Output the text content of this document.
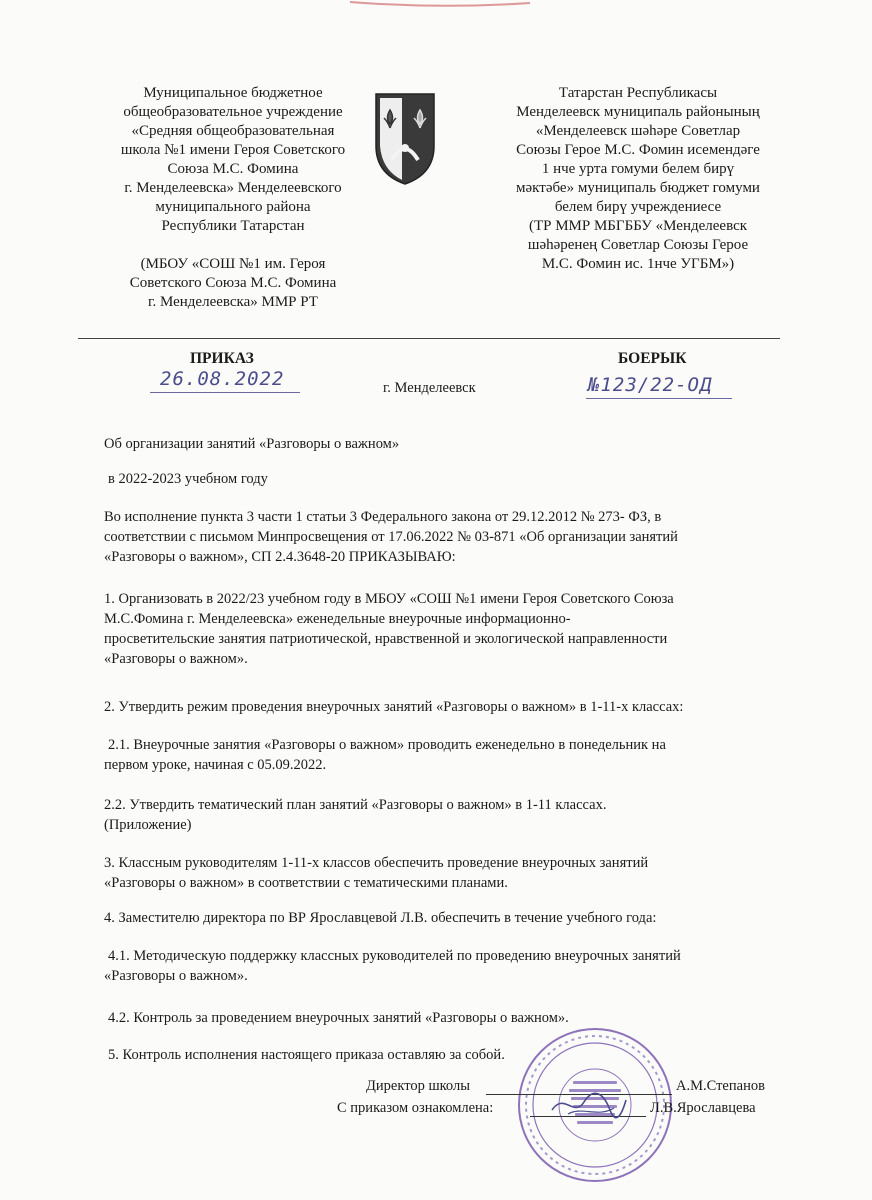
Муниципальное бюджетное
общеобразовательное учреждение
«Средняя общеобразовательная
школа №1 имени Героя Советского
Союза М.С. Фомина
г. Менделеевска» Менделеевского
муниципального района
Республики Татарстан
(МБОУ «СОШ №1 им. Героя
Советского Союза М.С. Фомина
г. Менделеевска» ММР РТ
Татарстан Республикасы
Менделеевск муниципаль районының
«Менделеевск шәһәре Советлар
Союзы Герое М.С. Фомин исемендәге
1 нче урта гомуми белем бирү
мәктәбе» муниципаль бюджет гомуми
белем бирү учреждениесе
(ТР ММР МБГББУ «Менделеевск
шәһәренең Советлар Союзы Герое
М.С. Фомин ис. 1нче УГБМ»)
ПРИКАЗ	БОЕРЫК
26.08.2022	г. Менделеевск	№123/22-ОД
Об организации занятий «Разговоры о важном»
в 2022-2023 учебном году
Во исполнение пункта 3 части 1 статьи 3 Федерального закона от 29.12.2012 № 273- ФЗ, в
соответствии с письмом Минпросвещения от 17.06.2022 № 03-871 «Об организации занятий
«Разговоры о важном», СП 2.4.3648-20 ПРИКАЗЫВАЮ:
1. Организовать в 2022/23 учебном году в МБОУ «СОШ №1 имени Героя Советского Союза
М.С.Фомина г. Менделеевска» еженедельные внеурочные информационно-
просветительские занятия патриотической, нравственной и экологической направленности
«Разговоры о важном».
2. Утвердить режим проведения внеурочных занятий «Разговоры о важном» в 1-11-х классах:
2.1. Внеурочные занятия «Разговоры о важном» проводить еженедельно в понедельник на
первом уроке, начиная с 05.09.2022.
2.2. Утвердить тематический план занятий «Разговоры о важном» в 1-11 классах.
(Приложение)
3. Классным руководителям 1-11-х классов обеспечить проведение внеурочных занятий
«Разговоры о важном» в соответствии с тематическими планами.
4. Заместителю директора по ВР Ярославцевой Л.В. обеспечить в течение учебного года:
4.1. Методическую поддержку классных руководителей по проведению внеурочных занятий
«Разговоры о важном».
4.2. Контроль за проведением внеурочных занятий «Разговоры о важном».
5. Контроль исполнения настоящего приказа оставляю за собой.
Директор школы	А.М.Степанов
С приказом ознакомлена:	Л.В.Ярославцева
